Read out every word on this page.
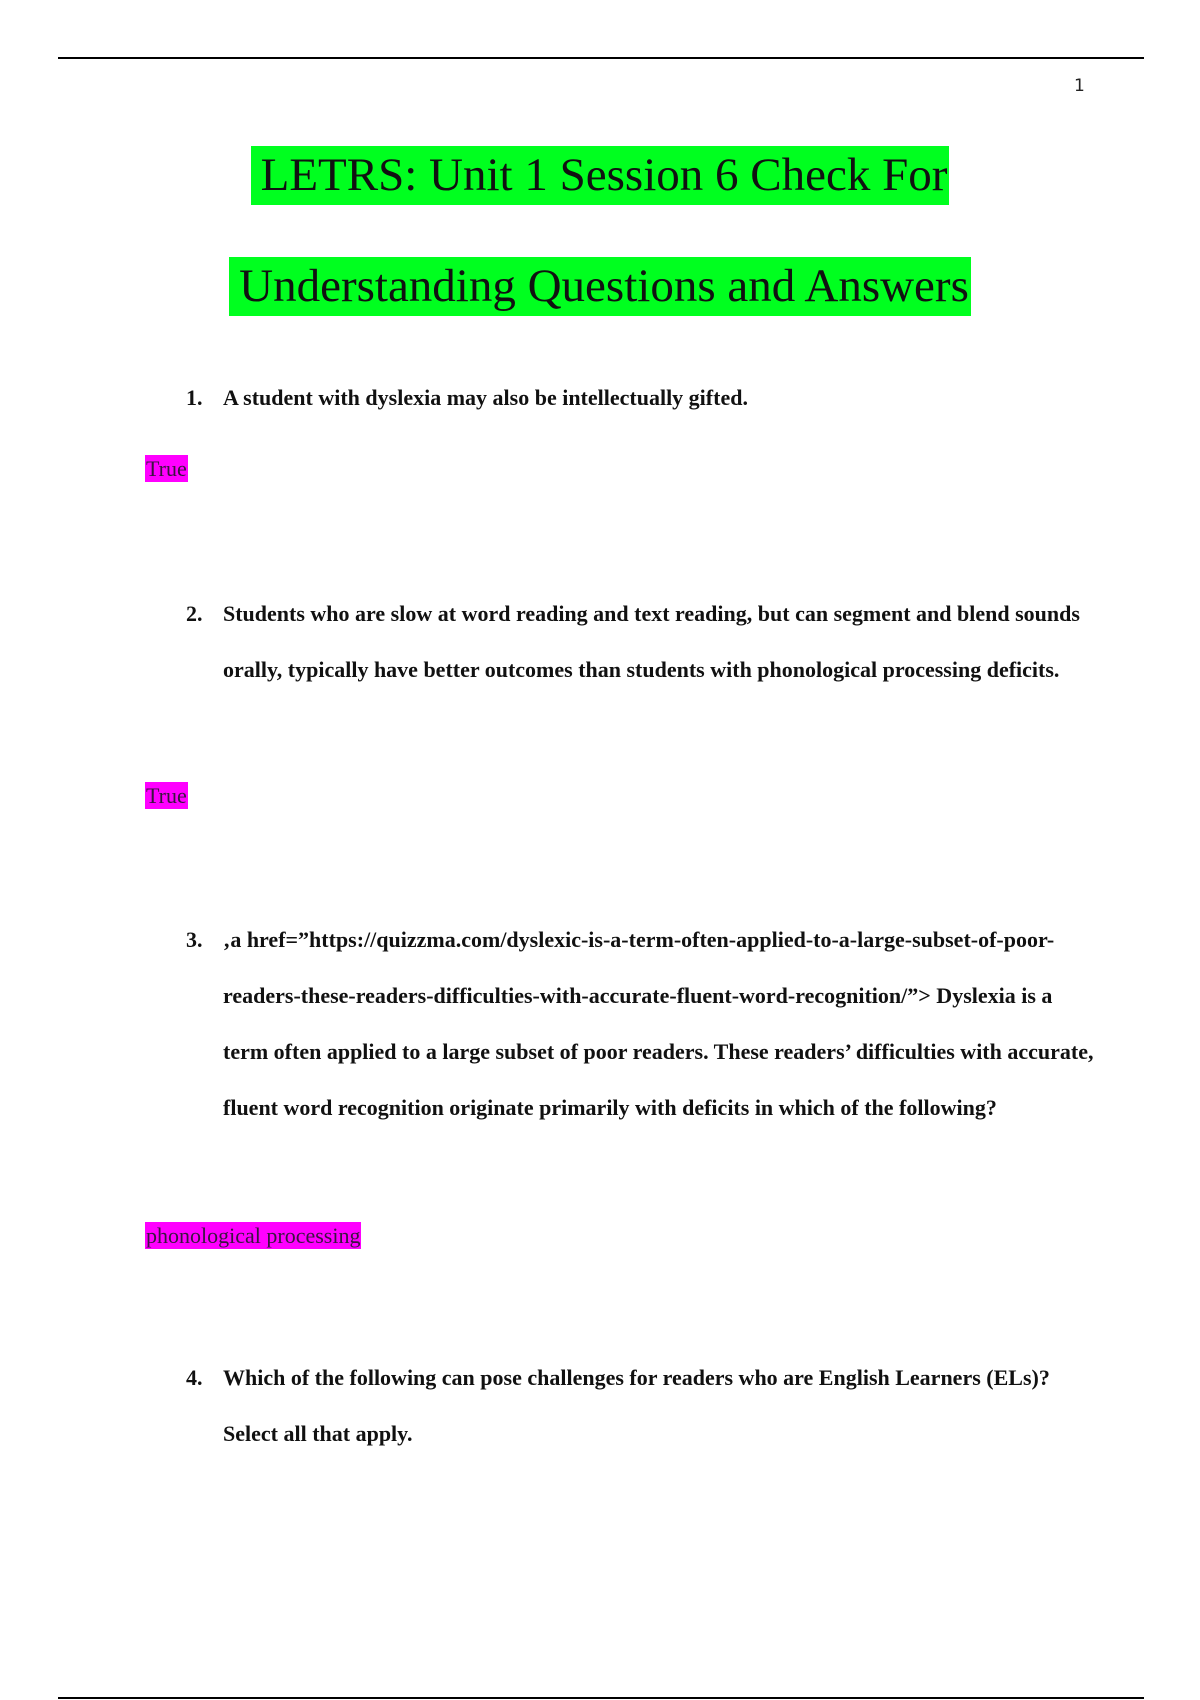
1
LETRS: Unit 1 Session 6 Check For
Understanding Questions and Answers
1. A student with dyslexia may also be intellectually gifted.
True
2. Students who are slow at word reading and text reading, but can segment and blend sounds orally, typically have better outcomes than students with phonological processing deficits.
True
3. ‚a href=”https://quizzma.com/dyslexic-is-a-term-often-applied-to-a-large-subset-of-poor-readers-these-readers-difficulties-with-accurate-fluent-word-recognition/”> Dyslexia is a term often applied to a large subset of poor readers. These readers’ difficulties with accurate, fluent word recognition originate primarily with deficits in which of the following?
phonological processing
4. Which of the following can pose challenges for readers who are English Learners (ELs)? Select all that apply.
